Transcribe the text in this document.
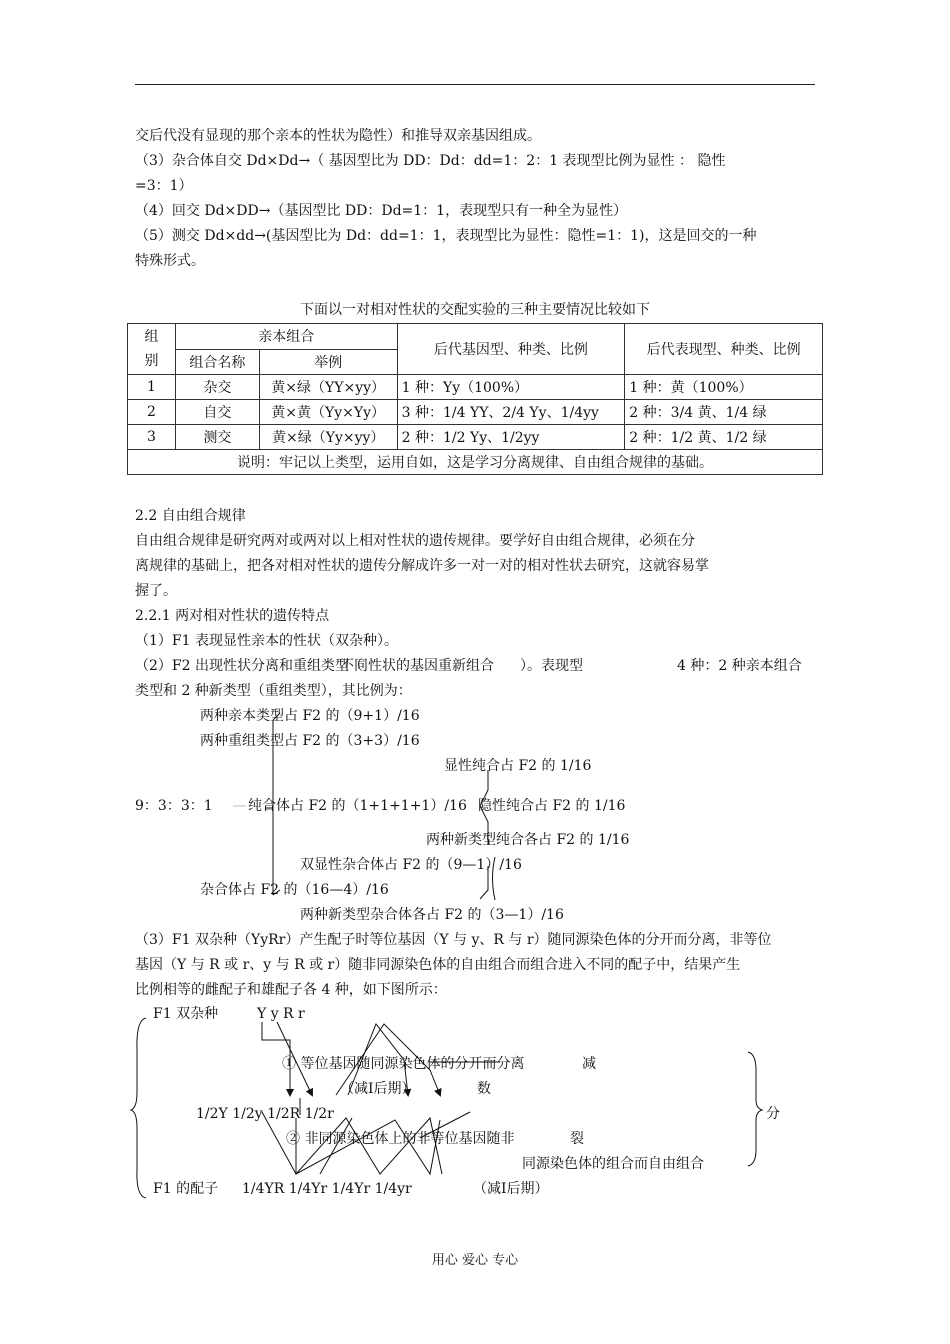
交后代没有显现的那个亲本的性状为隐性）和推导双亲基因组成。
（3）杂合体自交 Dd×Dd→（ 基因型比为 DD：Dd：dd=1：2：1 表现型比例为显性 ： 隐性
=3：1）
（4）回交 Dd×DD→（基因型比 DD：Dd=1：1，表现型只有一种全为显性）
（5）测交 Dd×dd→(基因型比为 Dd：dd=1：1，表现型比为显性：隐性=1：1)，这是回交的一种
特殊形式。
下面以一对相对性状的交配实验的三种主要情况比较如下
组
别	亲本组合		后代基因型、种类、比例	后代表现型、种类、比例
	组合名称	举例		
1	杂交	黄×绿（YY×yy）	1 种：Yy（100%）	1 种：黄（100%）
2	自交	黄×黄（Yy×Yy）	3 种：1/4 YY、2/4 Yy、1/4yy	2 种：3/4 黄、1/4 绿
3	测交	黄×绿（Yy×yy）	2 种：1/2 Yy、1/2yy	2 种：1/2 黄、1/2 绿
说明：牢记以上类型，运用自如，这是学习分离规律、自由组合规律的基础。				
2.2 自由组合规律
自由组合规律是研究两对或两对以上相对性状的遗传规律。要学好自由组合规律，必须在分
离规律的基础上，把各对相对性状的遗传分解成许多一对一对的相对性状去研究，这就容易掌
握了。
2.2.1 两对相对性状的遗传特点
（1）F1 表现显性亲本的性状（双杂种）。
（2）F2 出现性状分离和重组类型（
不同性状的基因重新组合 ）。表现型	4 种：2 种亲本组合
类型和 2 种新类型（重组类型），其比例为：
两种亲本类型占 F2 的（9+1）/16
两种重组类型占 F2 的（3+3）/16
显性纯合占 F2 的 1/16
9：3：3：1	纯合体占 F2 的（1+1+1+1）/16 隐性纯合占 F2 的 1/16
两种新类型纯合各占 F2 的 1/16
双显性杂合体占 F2 的（9—1）/16
杂合体占 F2 的（16—4）/16
两种新类型杂合体各占 F2 的（3—1）/16
（3）F1 双杂种（YyRr）产生配子时等位基因（Y 与 y、R 与 r）随同源染色体的分开而分离，非等位
基因（Y 与 R 或 r、y 与 R 或 r）随非同源染色体的自由组合而组合进入不同的配子中，结果产生
比例相等的雌配子和雄配子各 4 种，如下图所示：
F1 双杂种	Y y R r
① 等位基因随同源染色体的分开而分离	减
（减Ⅰ后期）	数
1/2Y 1/2y 1/2R 1/2r	分
② 非同源染色体上的非等位基因随非	裂
同源染色体的组合而自由组合
F1 的配子 1/4YR 1/4Yr 1/4Yr 1/4yr	（减Ⅰ后期）
用心 爱心 专心
